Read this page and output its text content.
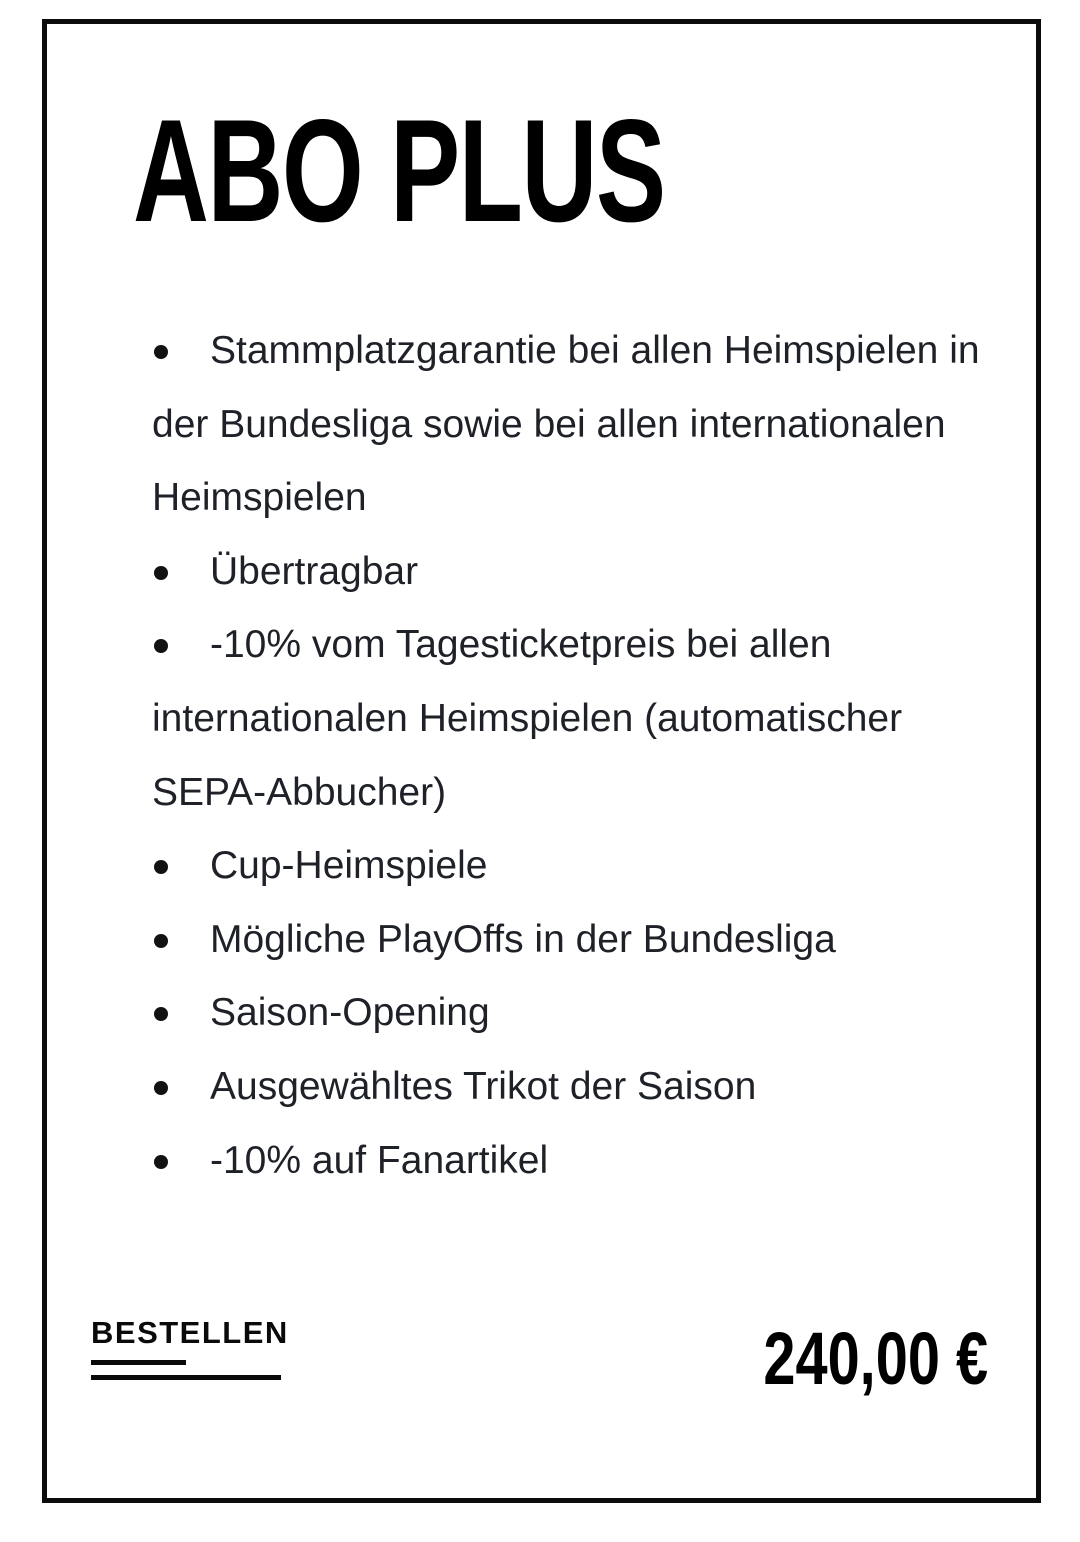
ABO PLUS
Stammplatzgarantie bei allen Heimspielen in der Bundesliga sowie bei allen internationalen Heimspielen
Übertragbar
-10% vom Tagesticketpreis bei allen internationalen Heimspielen (automatischer SEPA-Abbucher)
Cup-Heimspiele
Mögliche PlayOffs in der Bundesliga
Saison-Opening
Ausgewähltes Trikot der Saison
-10% auf Fanartikel
BESTELLEN	240,00 €
